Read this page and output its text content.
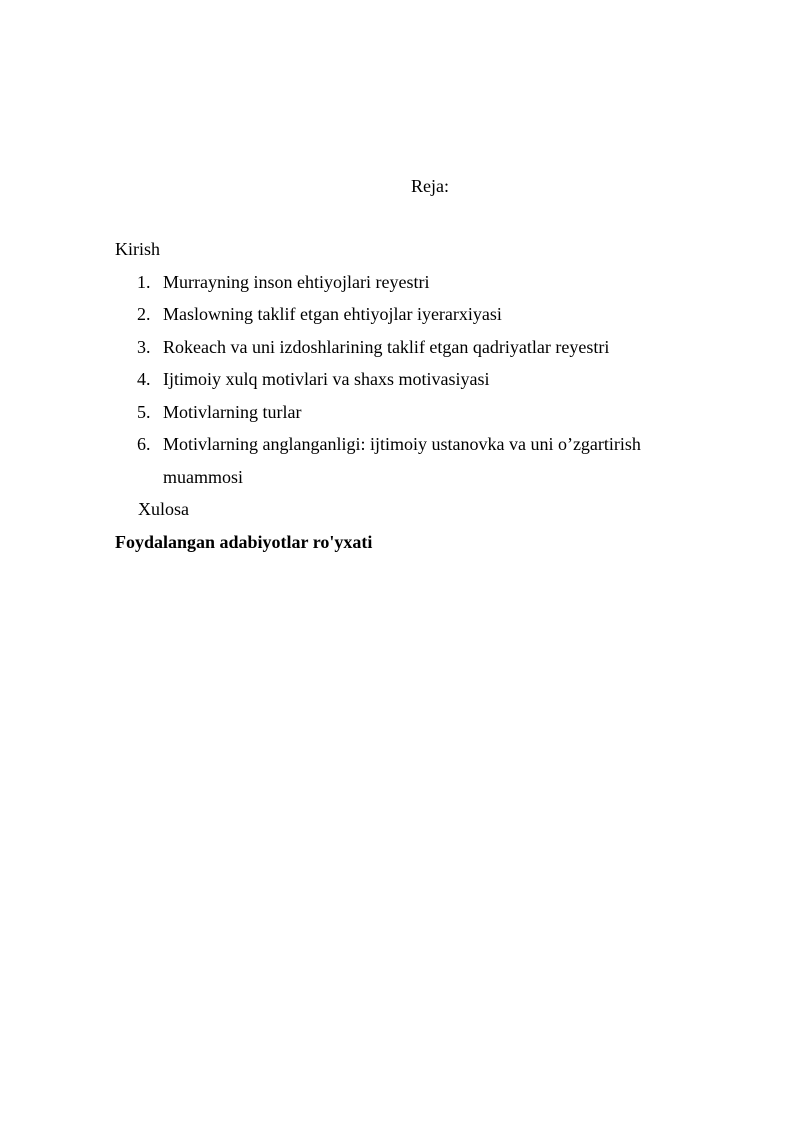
Reja:

Kirish

1. Murrayning inson ehtiyojlari reyestri
2. Maslowning taklif etgan ehtiyojlar iyerarxiyasi
3. Rokeach va uni izdoshlarining taklif etgan qadriyatlar reyestri
4. Ijtimoiy xulq motivlari va shaxs motivasiyasi
5. Motivlarning turlar
6. Motivlarning anglanganligi: ijtimoiy ustanovka va uni o’zgartirish muammosi

Xulosa

Foydalangan adabiyotlar ro'yxati
